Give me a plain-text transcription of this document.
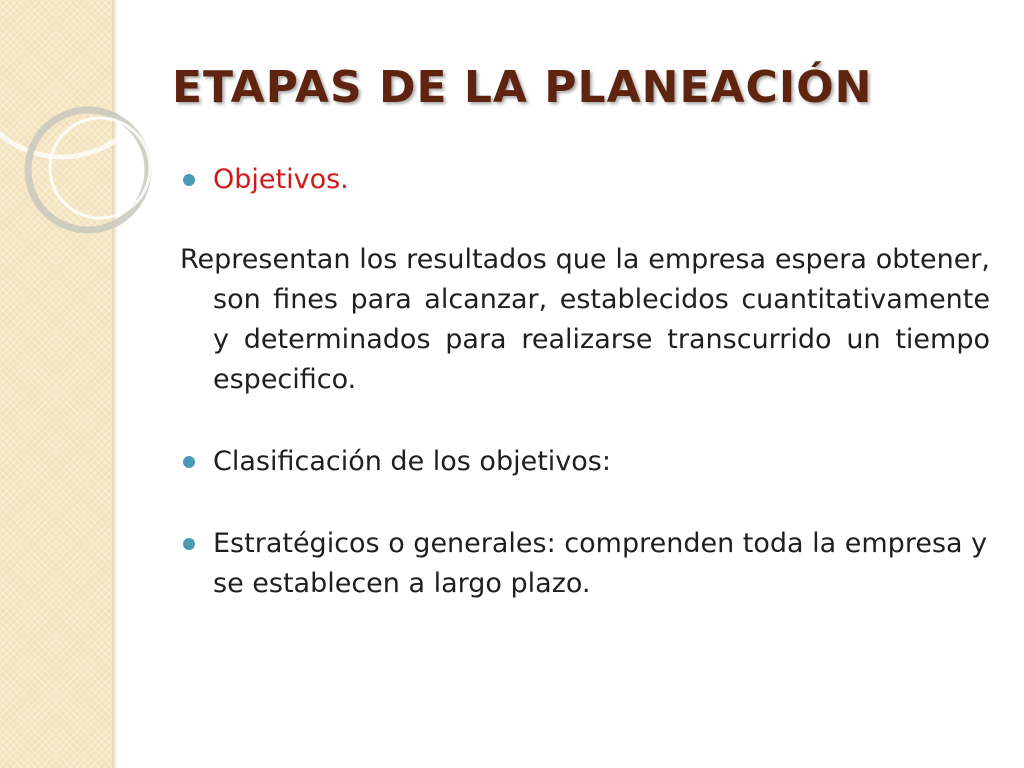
ETAPAS DE LA PLANEACIÓN

Objetivos.

Representan los resultados que la empresa espera obtener, son fines para alcanzar, establecidos cuantitativamente y determinados para realizarse transcurrido un tiempo especifico.

Clasificación de los objetivos:

Estratégicos o generales: comprenden toda la empresa y se establecen a largo plazo.
